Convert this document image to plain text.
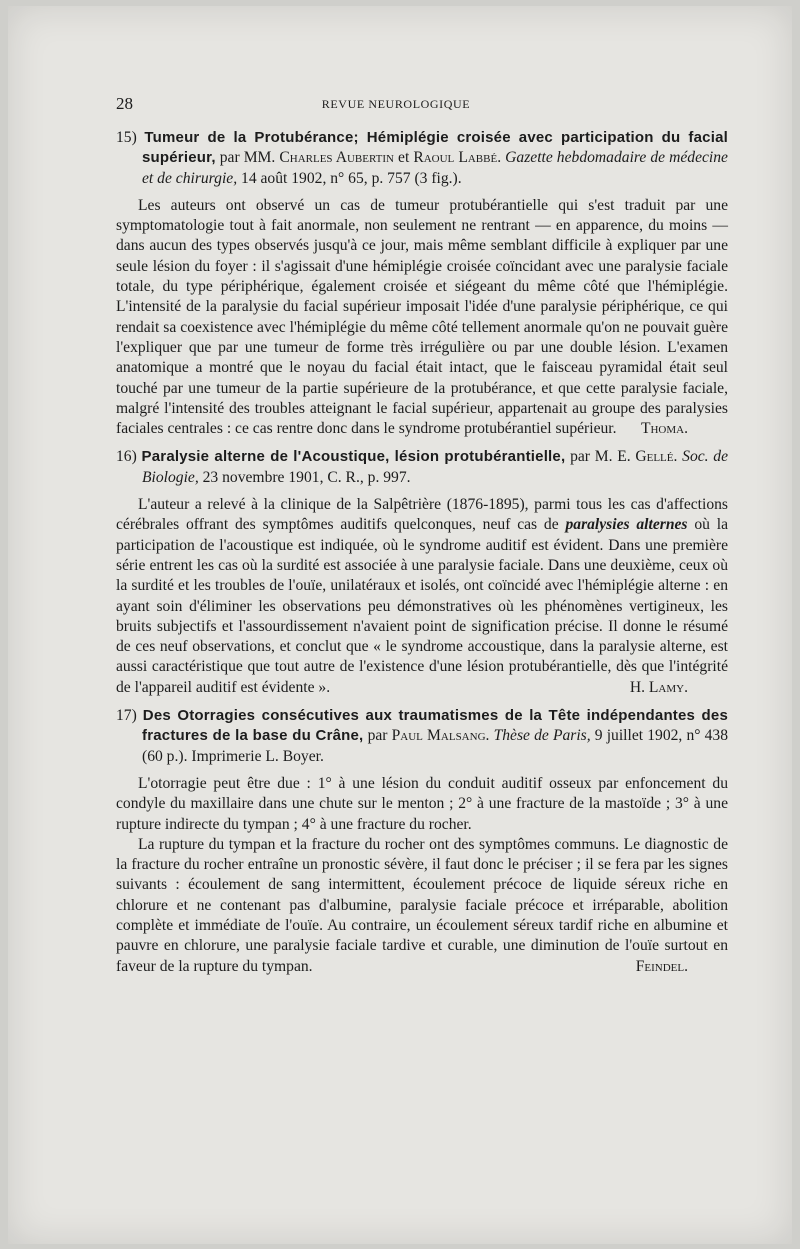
28	REVUE NEUROLOGIQUE

15) Tumeur de la Protubérance; Hémiplégie croisée avec participation du facial supérieur, par MM. Charles Aubertin et Raoul Labbé. Gazette hebdomadaire de médecine et de chirurgie, 14 août 1902, n° 65, p. 757 (3 fig.).

Les auteurs ont observé un cas de tumeur protubérantielle qui s'est traduit par une symptomatologie tout à fait anormale, non seulement ne rentrant — en apparence, du moins — dans aucun des types observés jusqu'à ce jour, mais même semblant difficile à expliquer par une seule lésion du foyer : il s'agissait d'une hémiplégie croisée coïncidant avec une paralysie faciale totale, du type périphérique, également croisée et siégeant du même côté que l'hémiplégie. L'intensité de la paralysie du facial supérieur imposait l'idée d'une paralysie périphérique, ce qui rendait sa coexistence avec l'hémiplégie du même côté tellement anormale qu'on ne pouvait guère l'expliquer que par une tumeur de forme très irrégulière ou par une double lésion. L'examen anatomique a montré que le noyau du facial était intact, que le faisceau pyramidal était seul touché par une tumeur de la partie supérieure de la protubérance, et que cette paralysie faciale, malgré l'intensité des troubles atteignant le facial supérieur, appartenait au groupe des paralysies faciales centrales : ce cas rentre donc dans le syndrome protubérantiel supérieur.	Thoma.

16) Paralysie alterne de l'Acoustique, lésion protubérantielle, par M. E. Gellé. Soc. de Biologie, 23 novembre 1901, C. R., p. 997.

L'auteur a relevé à la clinique de la Salpêtrière (1876-1895), parmi tous les cas d'affections cérébrales offrant des symptômes auditifs quelconques, neuf cas de paralysies alternes où la participation de l'acoustique est indiquée, où le syndrome auditif est évident. Dans une première série entrent les cas où la surdité est associée à une paralysie faciale. Dans une deuxième, ceux où la surdité et les troubles de l'ouïe, unilatéraux et isolés, ont coïncidé avec l'hémiplégie alterne : en ayant soin d'éliminer les observations peu démonstratives où les phénomènes vertigineux, les bruits subjectifs et l'assourdissement n'avaient point de signification précise. Il donne le résumé de ces neuf observations, et conclut que « le syndrome accoustique, dans la paralysie alterne, est aussi caractéristique que tout autre de l'existence d'une lésion protubérantielle, dès que l'intégrité de l'appareil auditif est évidente ».	H. Lamy.

17) Des Otorragies consécutives aux traumatismes de la Tête indépendantes des fractures de la base du Crâne, par Paul Malsang. Thèse de Paris, 9 juillet 1902, n° 438 (60 p.). Imprimerie L. Boyer.

L'otorragie peut être due : 1° à une lésion du conduit auditif osseux par enfoncement du condyle du maxillaire dans une chute sur le menton ; 2° à une fracture de la mastoïde ; 3° à une rupture indirecte du tympan ; 4° à une fracture du rocher.

La rupture du tympan et la fracture du rocher ont des symptômes communs. Le diagnostic de la fracture du rocher entraîne un pronostic sévère, il faut donc le préciser ; il se fera par les signes suivants : écoulement de sang intermittent, écoulement précoce de liquide séreux riche en chlorure et ne contenant pas d'albumine, paralysie faciale précoce et irréparable, abolition complète et immédiate de l'ouïe. Au contraire, un écoulement séreux tardif riche en albumine et pauvre en chlorure, une paralysie faciale tardive et curable, une diminution de l'ouïe surtout en faveur de la rupture du tympan.	Feindel.
